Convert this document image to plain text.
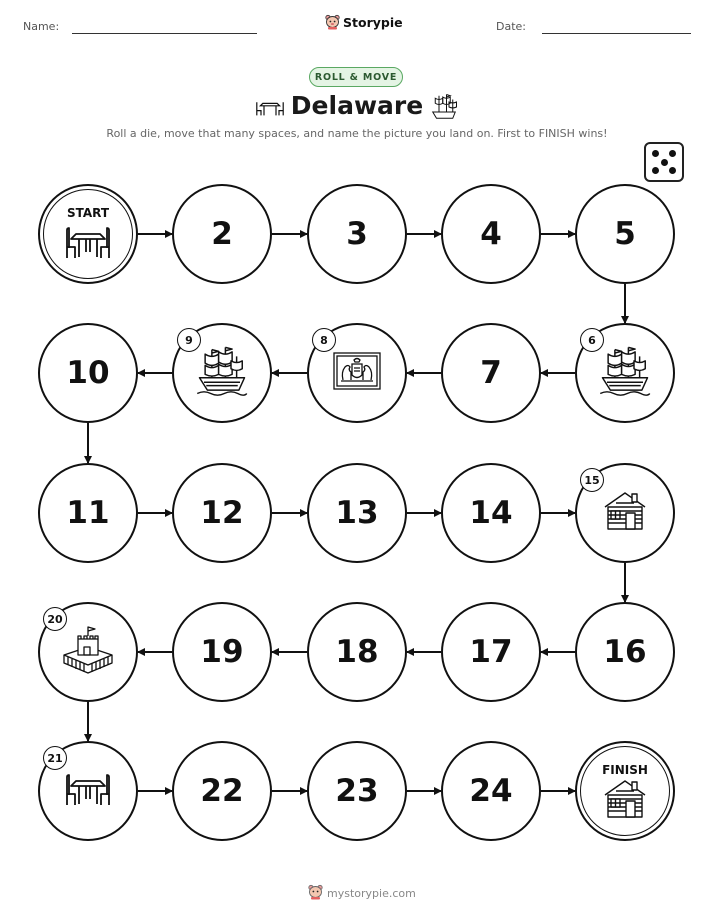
Name:	Storypie	Date:
ROLL & MOVE
Delaware
Roll a die, move that many spaces, and name the picture you land on. First to FINISH wins!
START
2	3	4	5
6
7
8
9
10
11	12	13	14
15
16
17
18
19
20
21
22	23	24
FINISH
mystorypie.com
